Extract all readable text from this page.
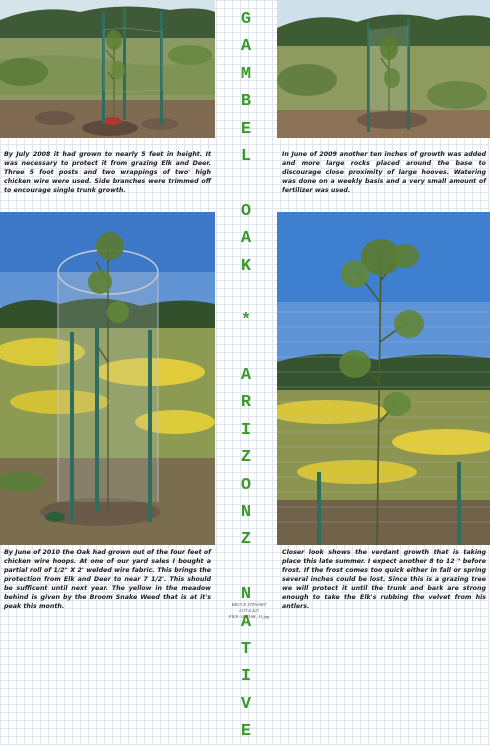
By July 2008 it had grown to nearly 5 feet in height. It was necessary to protect it from grazing Elk and Deer. Three 5 foot posts and two wrappings of two' high chicken wire were used. Side branches were trimmed off to encourage single trunk growth.

In June of 2009 another ten inches of growth was added and more large rocks placed around the base to discourage close proximity of large hooves. Watering was done on a weekly basis and a very small amount of fertilizer was used.

By June of 2010 the Oak had grown out of the four feet of chicken wire hoops. At one of our yard sales I bought a partial roll of 1/2" X 2' welded wire fabric. This brings the protection from Elk and Deer to near 7 1/2'. This should be sufficent until next year. The yellow in the meadow behind is given by the Broom Snake Weed that is at it's peak this month.

Closer look shows the verdant growth that is taking place this late summer. I expect another 8 to 12 " before frost. If the frost comes too quick either in fall or spring several inches could be lost. Since this is a grazing tree we will protect it until the trunk and bark are strong enough to take the Elk's rubbing the velvet from his antlers.

G
A
M
B
E
L
O
A
K
*
A
R
I
Z
O
N
Z
N
A
T
I
V
E
BRUCE STEWART
LOT # 425
FILE: GBOAK_11.jpg
